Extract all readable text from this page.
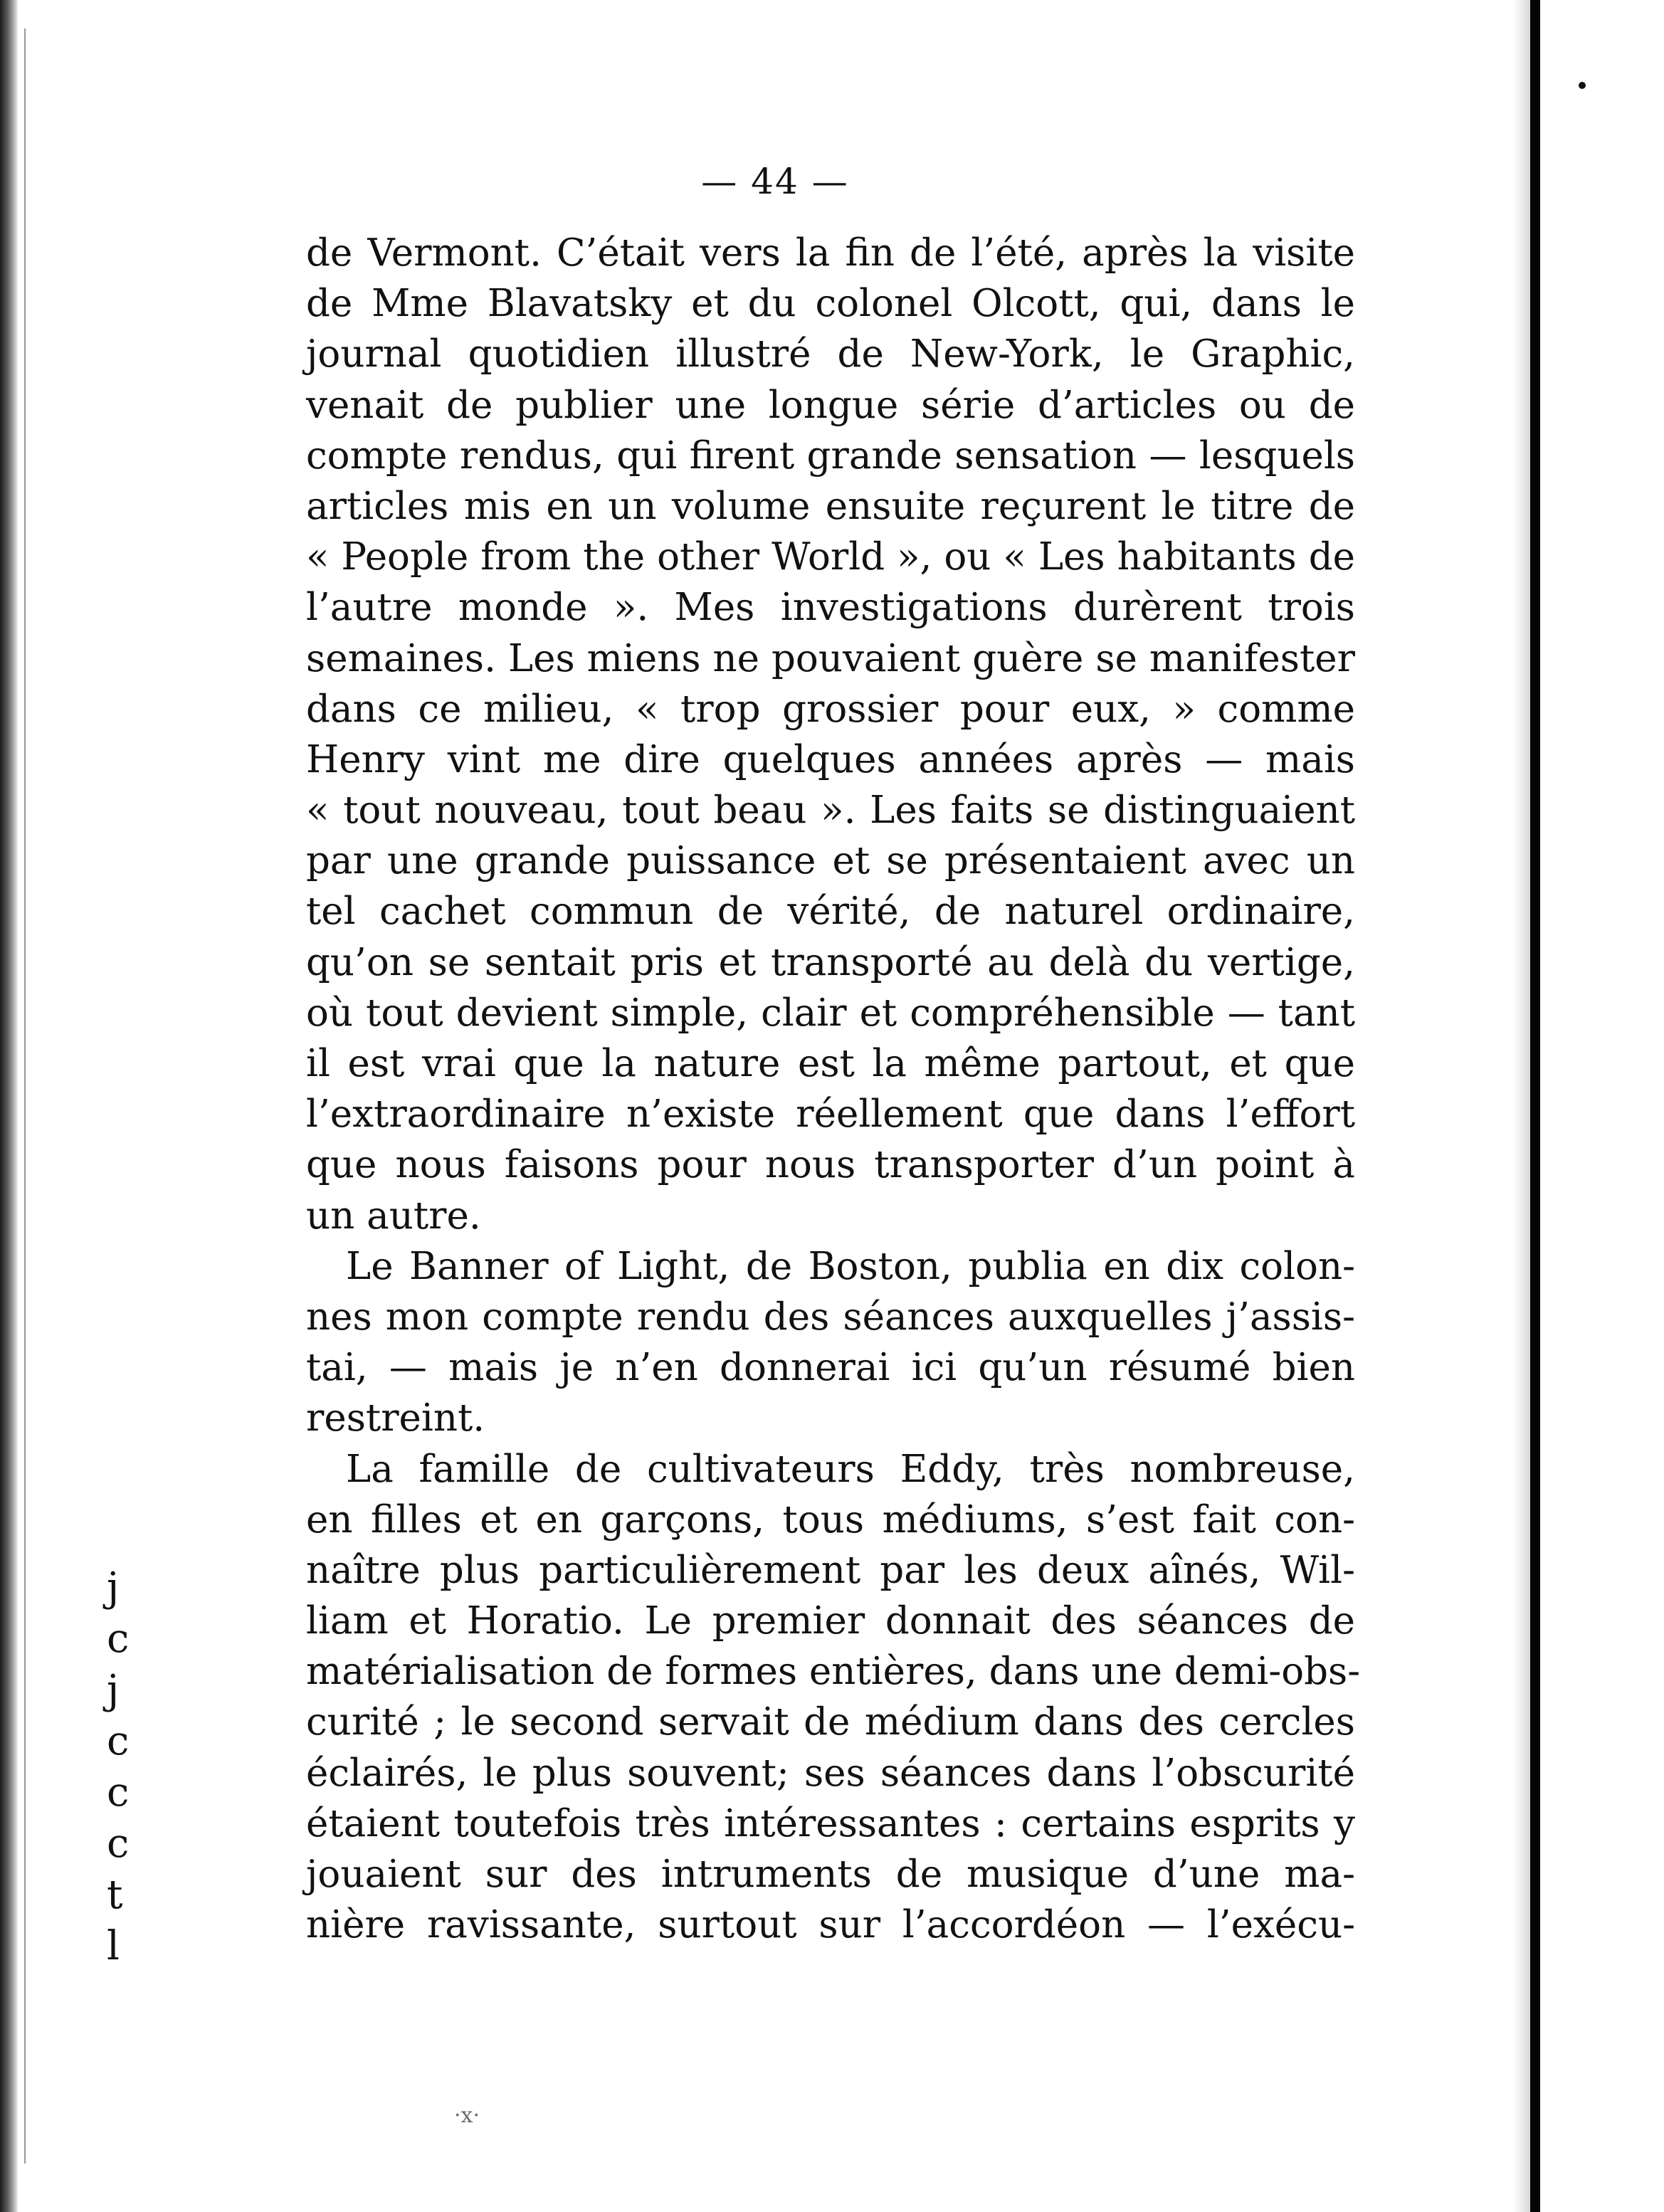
j
c
j
c
c
c
t
l
— 44 —
de Vermont. C’était vers la fin de l’été, après la visite
de Mme Blavatsky et du colonel Olcott, qui, dans le
journal quotidien illustré de New-York, le Graphic,
venait de publier une longue série d’articles ou de
compte rendus, qui firent grande sensation — lesquels
articles mis en un volume ensuite reçurent le titre de
« People from the other World », ou « Les habitants de
l’autre monde ». Mes investigations durèrent trois
semaines. Les miens ne pouvaient guère se manifester
dans ce milieu, « trop grossier pour eux, » comme
Henry vint me dire quelques années après — mais
« tout nouveau, tout beau ». Les faits se distinguaient
par une grande puissance et se présentaient avec un
tel cachet commun de vérité, de naturel ordinaire,
qu’on se sentait pris et transporté au delà du vertige,
où tout devient simple, clair et compréhensible — tant
il est vrai que la nature est la même partout, et que
l’extraordinaire n’existe réellement que dans l’effort
que nous faisons pour nous transporter d’un point à
un autre.
Le Banner of Light, de Boston, publia en dix colon-
nes mon compte rendu des séances auxquelles j’assis-
tai, — mais je n’en donnerai ici qu’un résumé bien
restreint.
La famille de cultivateurs Eddy, très nombreuse,
en filles et en garçons, tous médiums, s’est fait con-
naître plus particulièrement par les deux aînés, Wil-
liam et Horatio. Le premier donnait des séances de
matérialisation de formes entières, dans une demi-obs-
curité ; le second servait de médium dans des cercles
éclairés, le plus souvent; ses séances dans l’obscurité
étaient toutefois très intéressantes : certains esprits y
jouaient sur des intruments de musique d’une ma-
nière ravissante, surtout sur l’accordéon — l’exécu-
·x·
